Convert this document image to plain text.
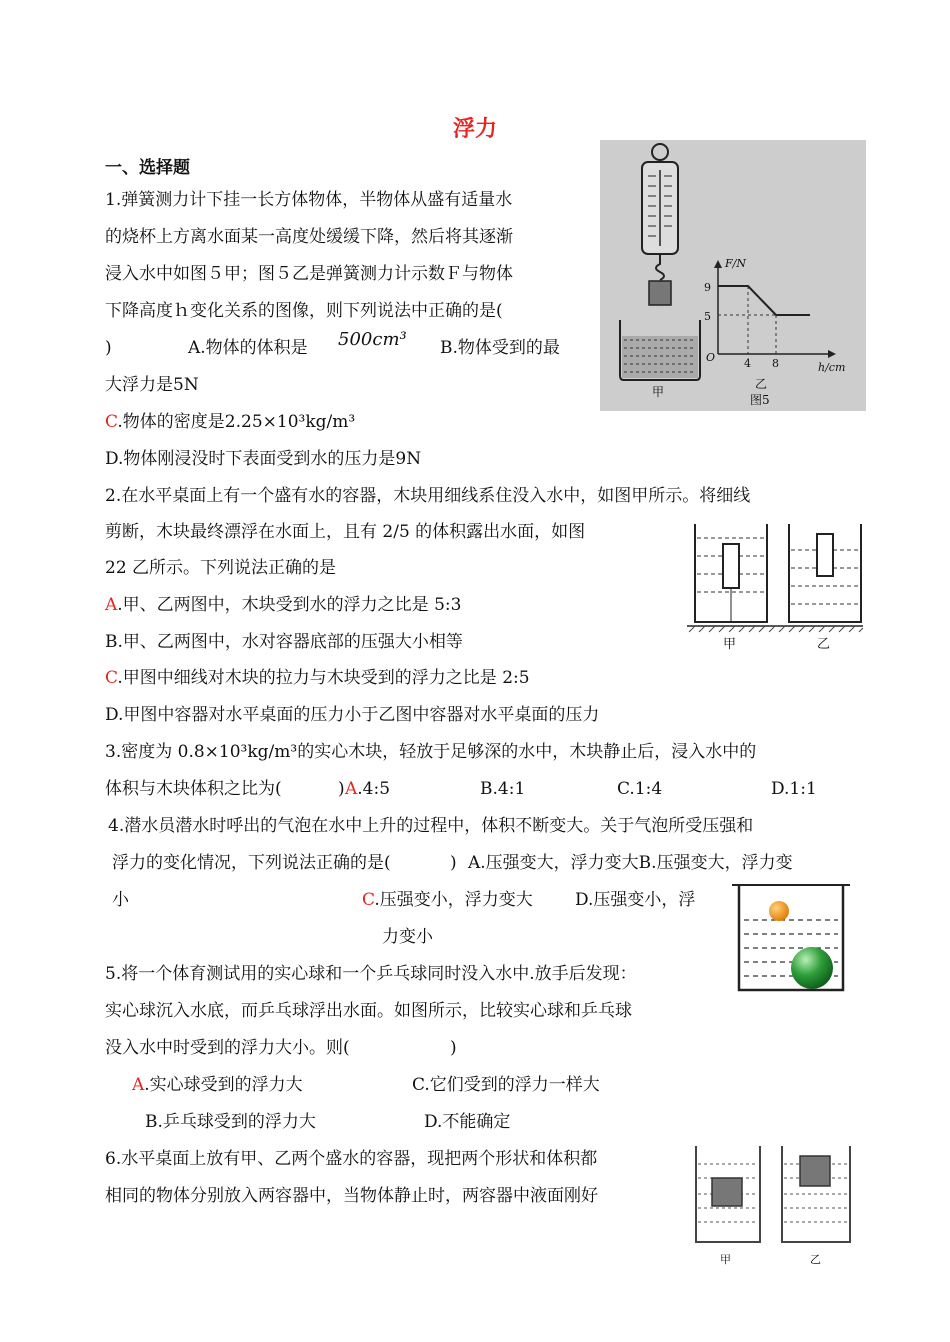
浮力
一、选择题
1.弹簧测力计下挂一长方体物体，半物体从盛有适量水
的烧杯上方离水面某一高度处缓缓下降，然后将其逐渐
浸入水中如图５甲；图５乙是弹簧测力计示数Ｆ与物体
下降高度ｈ变化关系的图像，则下列说法中正确的是(
)	A.物体的体积是 500cm³ B.物体受到的最
大浮力是5N
C.物体的密度是2.25×10³kg/m³
D.物体刚浸没时下表面受到水的压力是9N
F/N
9
5
O	4 8	h/cm
甲
乙
图5
2.在水平桌面上有一个盛有水的容器，木块用细线系住没入水中，如图甲所示。将细线
剪断，木块最终漂浮在水面上，且有 2/5 的体积露出水面，如图
22 乙所示。下列说法正确的是
A.甲、乙两图中，木块受到水的浮力之比是 5:3
B.甲、乙两图中，水对容器底部的压强大小相等
C.甲图中细线对木块的拉力与木块受到的浮力之比是 2:5
D.甲图中容器对水平桌面的压力小于乙图中容器对水平桌面的压力
甲	乙
3.密度为 0.8×10³kg/m³的实心木块，轻放于足够深的水中，木块静止后，浸入水中的
体积与木块体积之比为(	) A.4:5	B.4:1	C.1:4	D.1:1
4.潜水员潜水时呼出的气泡在水中上升的过程中，体积不断变大。关于气泡所受压强和
浮力的变化情况，下列说法正确的是(	) A.压强变大，浮力变大B.压强变大，浮力变
小	C.压强变小，浮力变大 D.压强变小，浮
力变小
5.将一个体育测试用的实心球和一个乒乓球同时没入水中.放手后发现：
实心球沉入水底，而乒乓球浮出水面。如图所示，比较实心球和乒乓球
没入水中时受到的浮力大小。则(	)
A.实心球受到的浮力大	C.它们受到的浮力一样大
B.乒乓球受到的浮力大	D.不能确定
6.水平桌面上放有甲、乙两个盛水的容器，现把两个形状和体积都
相同的物体分别放入两容器中，当物体静止时，两容器中液面刚好
甲	乙
